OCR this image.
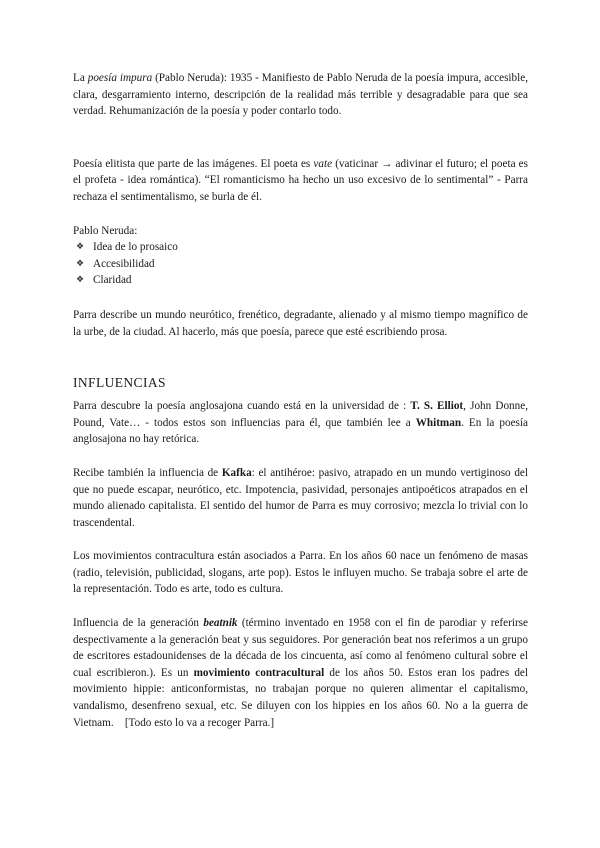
La poesía impura (Pablo Neruda): 1935 - Manifiesto de Pablo Neruda de la poesía impura, accesible, clara, desgarramiento interno, descripción de la realidad más terrible y desagradable para que sea verdad. Rehumanización de la poesía y poder contarlo todo.

Poesía elitista que parte de las imágenes. El poeta es vate (vaticinar → adivinar el futuro; el poeta es el profeta - idea romántica). “El romanticismo ha hecho un uso excesivo de lo sentimental” - Parra rechaza el sentimentalismo, se burla de él.

Pablo Neruda:

❖ Idea de lo prosaico
❖ Accesibilidad
❖ Claridad

Parra describe un mundo neurótico, frenético, degradante, alienado y al mismo tiempo magnífico de la urbe, de la ciudad. Al hacerlo, más que poesía, parece que esté escribiendo prosa.

INFLUENCIAS

Parra descubre la poesía anglosajona cuando está en la universidad de : T. S. Elliot, John Donne, Pound, Vate… - todos estos son influencias para él, que también lee a Whitman. En la poesía anglosajona no hay retórica.

Recibe también la influencia de Kafka: el antihéroe: pasivo, atrapado en un mundo vertiginoso del que no puede escapar, neurótico, etc. Impotencia, pasividad, personajes antipoéticos atrapados en el mundo alienado capitalista. El sentido del humor de Parra es muy corrosivo; mezcla lo trivial con lo trascendental.

Los movimientos contracultura están asociados a Parra. En los años 60 nace un fenómeno de masas (radio, televisión, publicidad, slogans, arte pop). Estos le influyen mucho. Se trabaja sobre el arte de la representación. Todo es arte, todo es cultura.

Influencia de la generación beatnik (término inventado en 1958 con el fin de parodiar y referirse despectivamente a la generación beat y sus seguidores. Por generación beat nos referimos a un grupo de escritores estadounidenses de la década de los cincuenta, así como al fenómeno cultural sobre el cual escribieron.). Es un movimiento contracultural de los años 50. Estos eran los padres del movimiento hippie: anticonformistas, no trabajan porque no quieren alimentar el capitalismo, vandalismo, desenfreno sexual, etc. Se diluyen con los hippies en los años 60. No a la guerra de Vietnam.    [Todo esto lo va a recoger Parra.]
